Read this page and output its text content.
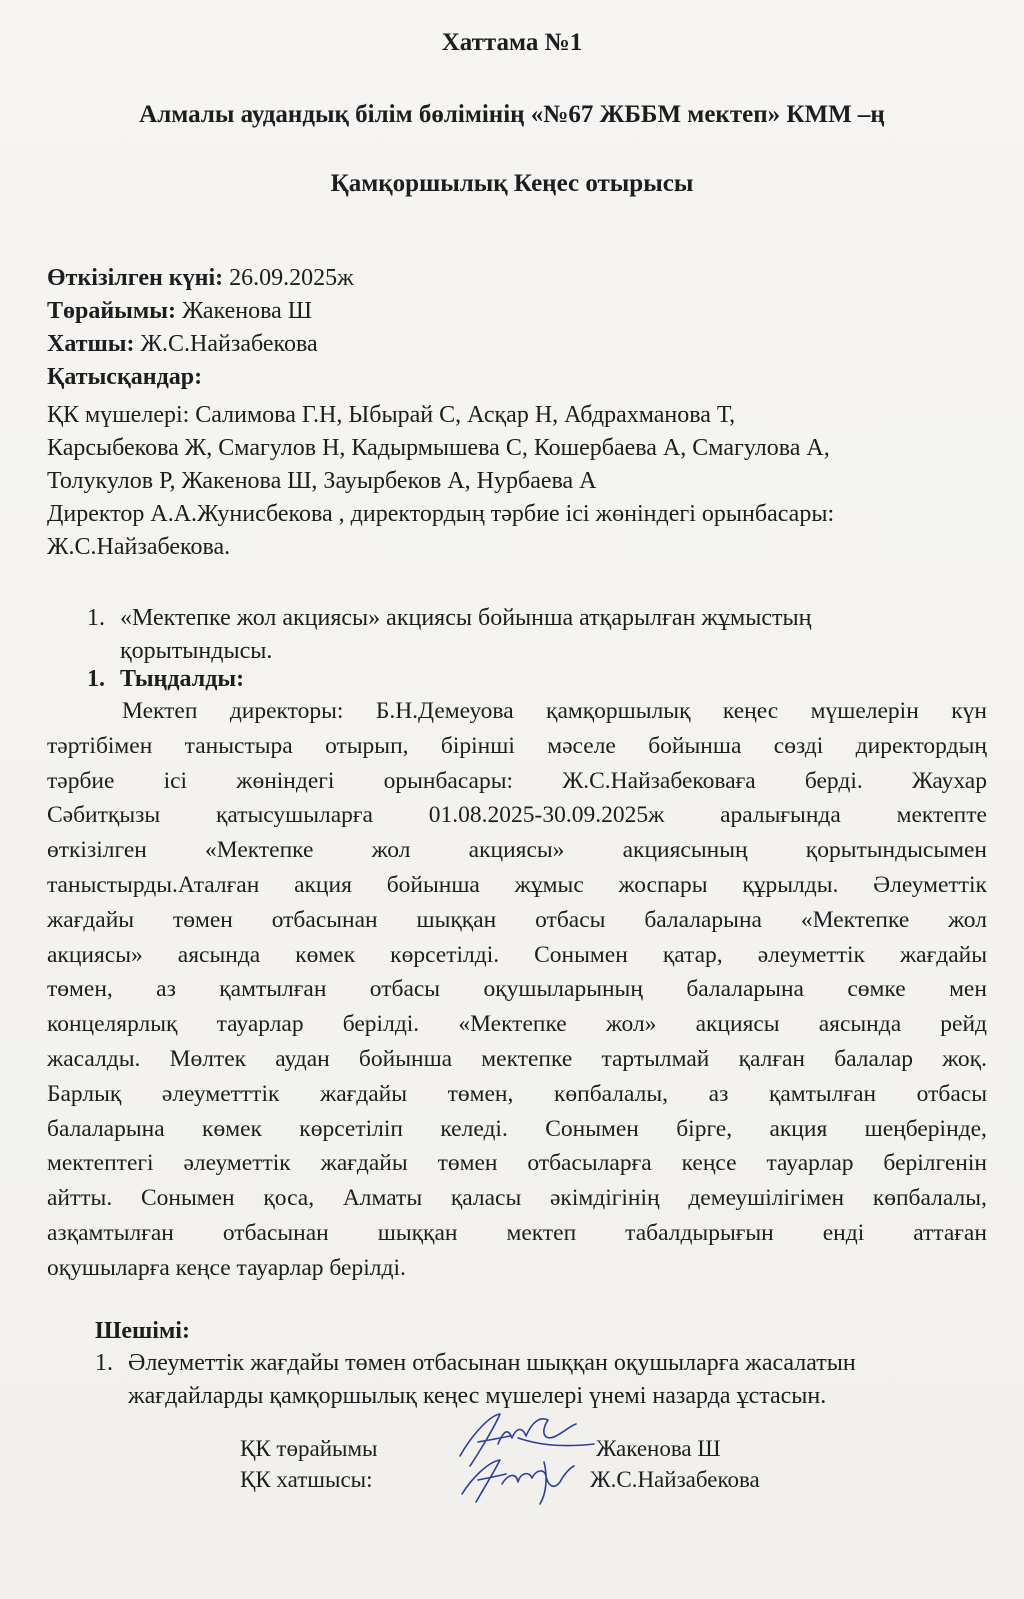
Хаттама №1
Алмалы аудандық білім бөлімінің «№67 ЖББМ мектеп» КММ –ң
Қамқоршылық Кеңес отырысы
Өткізілген күні: 26.09.2025ж
Төрайымы: Жакенова Ш
Хатшы: Ж.С.Найзабекова
Қатысқандар:
ҚК мүшелері: Салимова Г.Н, Ыбырай С, Асқар Н, Абдрахманова Т,
Карсыбекова Ж, Смагулов Н, Кадырмышева С, Кошербаева А, Смагулова А,
Толукулов Р, Жакенова Ш, Зауырбеков А, Нурбаева А
Директор А.А.Жунисбекова , директордың тәрбие ісі жөніндегі орынбасары:
Ж.С.Найзабекова.
1. «Мектепке жол акциясы» акциясы бойынша атқарылған жұмыстың
қорытындысы.
1. Тыңдалды:
Мектеп директоры: Б.Н.Демеуова қамқоршылық кеңес мүшелерін күн
тәртібімен таныстыра отырып, бірінші мәселе бойынша сөзді директордың
тәрбие ісі жөніндегі орынбасары: Ж.С.Найзабековаға берді. Жаухар
Сәбитқызы қатысушыларға 01.08.2025-30.09.2025ж аралығында мектепте
өткізілген «Мектепке жол акциясы» акциясының қорытындысымен
таныстырды.Аталған акция бойынша жұмыс жоспары құрылды. Әлеуметтік
жағдайы төмен отбасынан шыққан отбасы балаларына «Мектепке жол
акциясы» аясында көмек көрсетілді. Сонымен қатар, әлеуметтік жағдайы
төмен, аз қамтылған отбасы оқушыларының балаларына сөмке мен
концелярлық тауарлар берілді. «Мектепке жол» акциясы аясында рейд
жасалды. Мөлтек аудан бойынша мектепке тартылмай қалған балалар жоқ.
Барлық әлеуметттік жағдайы төмен, көпбалалы, аз қамтылған отбасы
балаларына көмек көрсетіліп келеді. Сонымен бірге, акция шеңберінде,
мектептегі әлеуметтік жағдайы төмен отбасыларға кеңсе тауарлар берілгенін
айтты. Сонымен қоса, Алматы қаласы әкімдігінің демеушілігімен көпбалалы,
азқамтылған отбасынан шыққан мектеп табалдырығын енді аттаған
оқушыларға кеңсе тауарлар берілді.
Шешімі:
1. Әлеуметтік жағдайы төмен отбасынан шыққан оқушыларға жасалатын
жағдайларды қамқоршылық кеңес мүшелері үнемі назарда ұстасын.
ҚК төрайымы
ҚК хатшысы:
Жакенова Ш
Ж.С.Найзабекова
